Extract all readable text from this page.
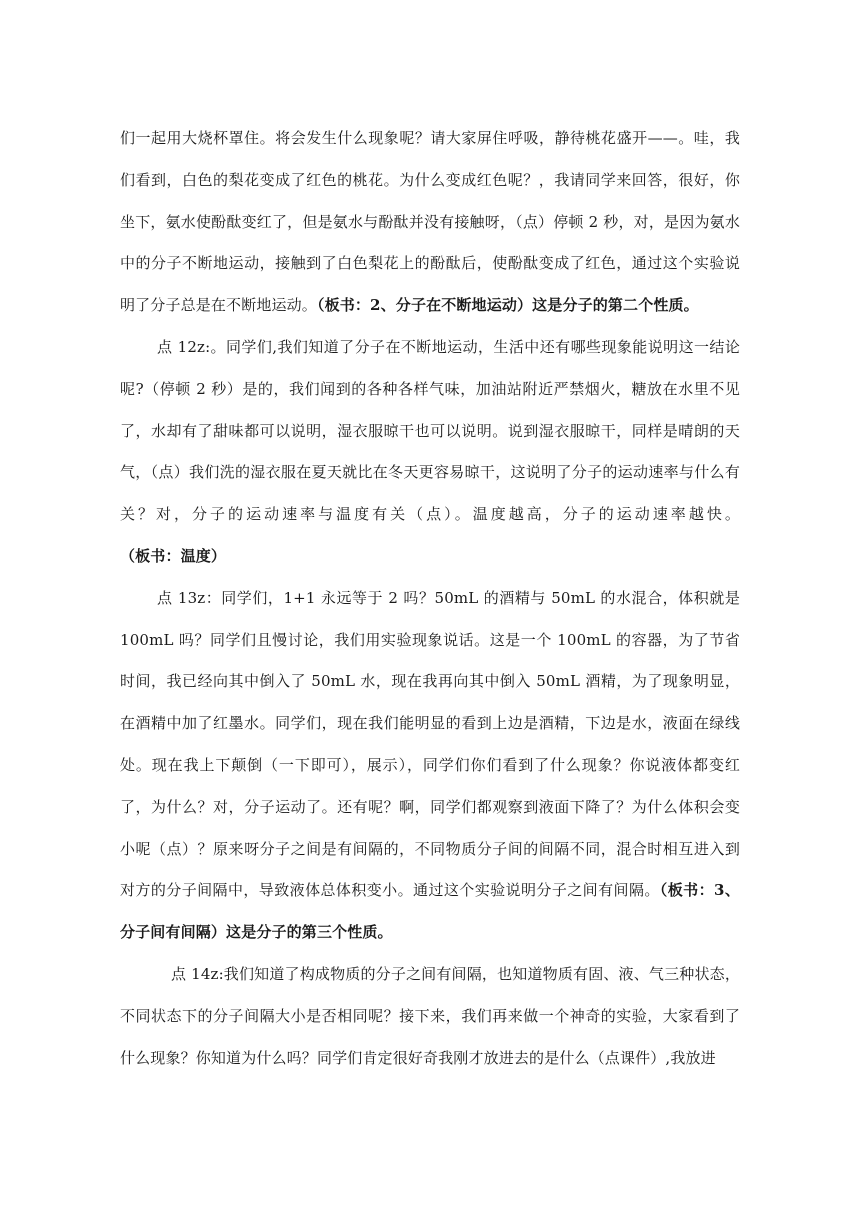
们一起用大烧杯罩住。将会发生什么现象呢？请大家屏住呼吸，静待桃花盛开——。哇，我们看到，白色的梨花变成了红色的桃花。为什么变成红色呢？，我请同学来回答，很好，你坐下，氨水使酚酞变红了，但是氨水与酚酞并没有接触呀，（点）停顿 2 秒，对，是因为氨水中的分子不断地运动，接触到了白色梨花上的酚酞后，使酚酞变成了红色，通过这个实验说明了分子总是在不断地运动。（板书：2、分子在不断地运动）这是分子的第二个性质。

点 12z:。同学们,我们知道了分子在不断地运动，生活中还有哪些现象能说明这一结论呢?（停顿 2 秒）是的，我们闻到的各种各样气味，加油站附近严禁烟火，糖放在水里不见了，水却有了甜味都可以说明，湿衣服晾干也可以说明。说到湿衣服晾干，同样是晴朗的天气，（点）我们洗的湿衣服在夏天就比在冬天更容易晾干，这说明了分子的运动速率与什么有关？对，分子的运动速率与温度有关（点）。温度越高，分子的运动速率越快。（板书：温度）

点 13z：同学们，1+1 永远等于 2 吗？50mL 的酒精与 50mL 的水混合，体积就是 100mL 吗？同学们且慢讨论，我们用实验现象说话。这是一个 100mL 的容器，为了节省时间，我已经向其中倒入了 50mL 水，现在我再向其中倒入 50mL 酒精，为了现象明显，在酒精中加了红墨水。同学们，现在我们能明显的看到上边是酒精，下边是水，液面在绿线处。现在我上下颠倒（一下即可），展示），同学们你们看到了什么现象？你说液体都变红了，为什么？对，分子运动了。还有呢？啊，同学们都观察到液面下降了？为什么体积会变小呢（点）？原来呀分子之间是有间隔的，不同物质分子间的间隔不同，混合时相互进入到对方的分子间隔中，导致液体总体积变小。通过这个实验说明分子之间有间隔。（板书：3、分子间有间隔）这是分子的第三个性质。

点 14z:我们知道了构成物质的分子之间有间隔，也知道物质有固、液、气三种状态，不同状态下的分子间隔大小是否相同呢？接下来，我们再来做一个神奇的实验，大家看到了什么现象？你知道为什么吗？同学们肯定很好奇我刚才放进去的是什么（点课件）,我放进
